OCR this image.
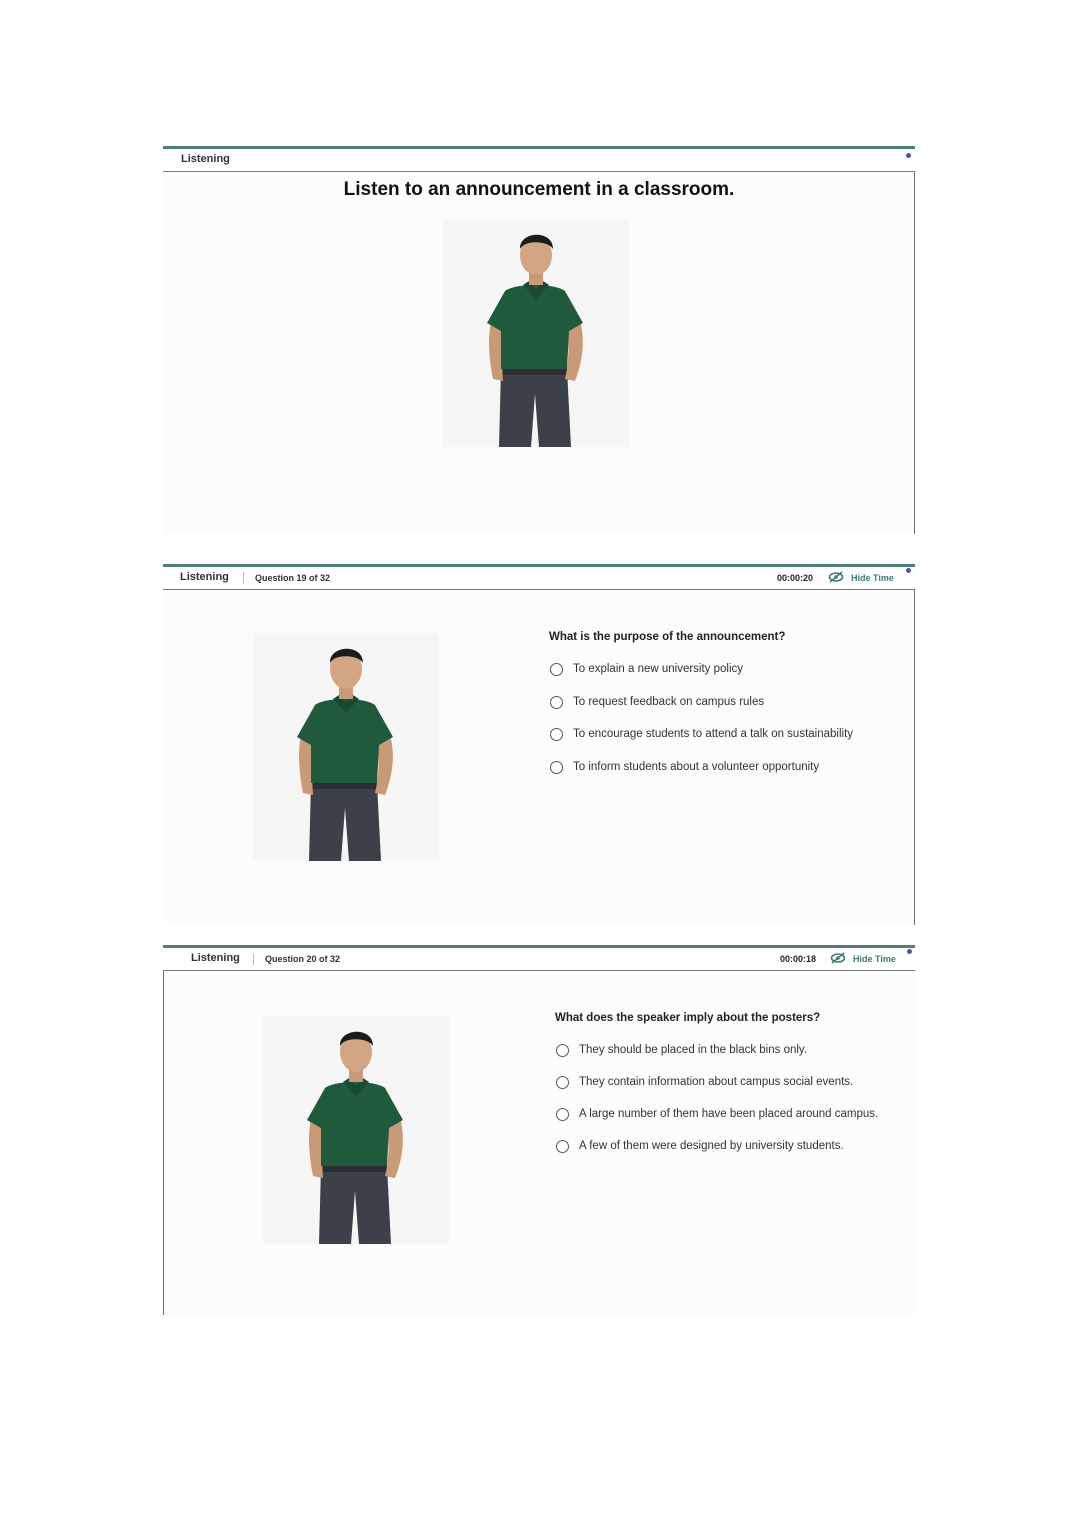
Listening
Listen to an announcement in a classroom.
Listening	Question 19 of 32	00:00:20	Hide Time
What is the purpose of the announcement?
To explain a new university policy
To request feedback on campus rules
To encourage students to attend a talk on sustainability
To inform students about a volunteer opportunity
Listening	Question 20 of 32	00:00:18	Hide Time
What does the speaker imply about the posters?
They should be placed in the black bins only.
They contain information about campus social events.
A large number of them have been placed around campus.
A few of them were designed by university students.
